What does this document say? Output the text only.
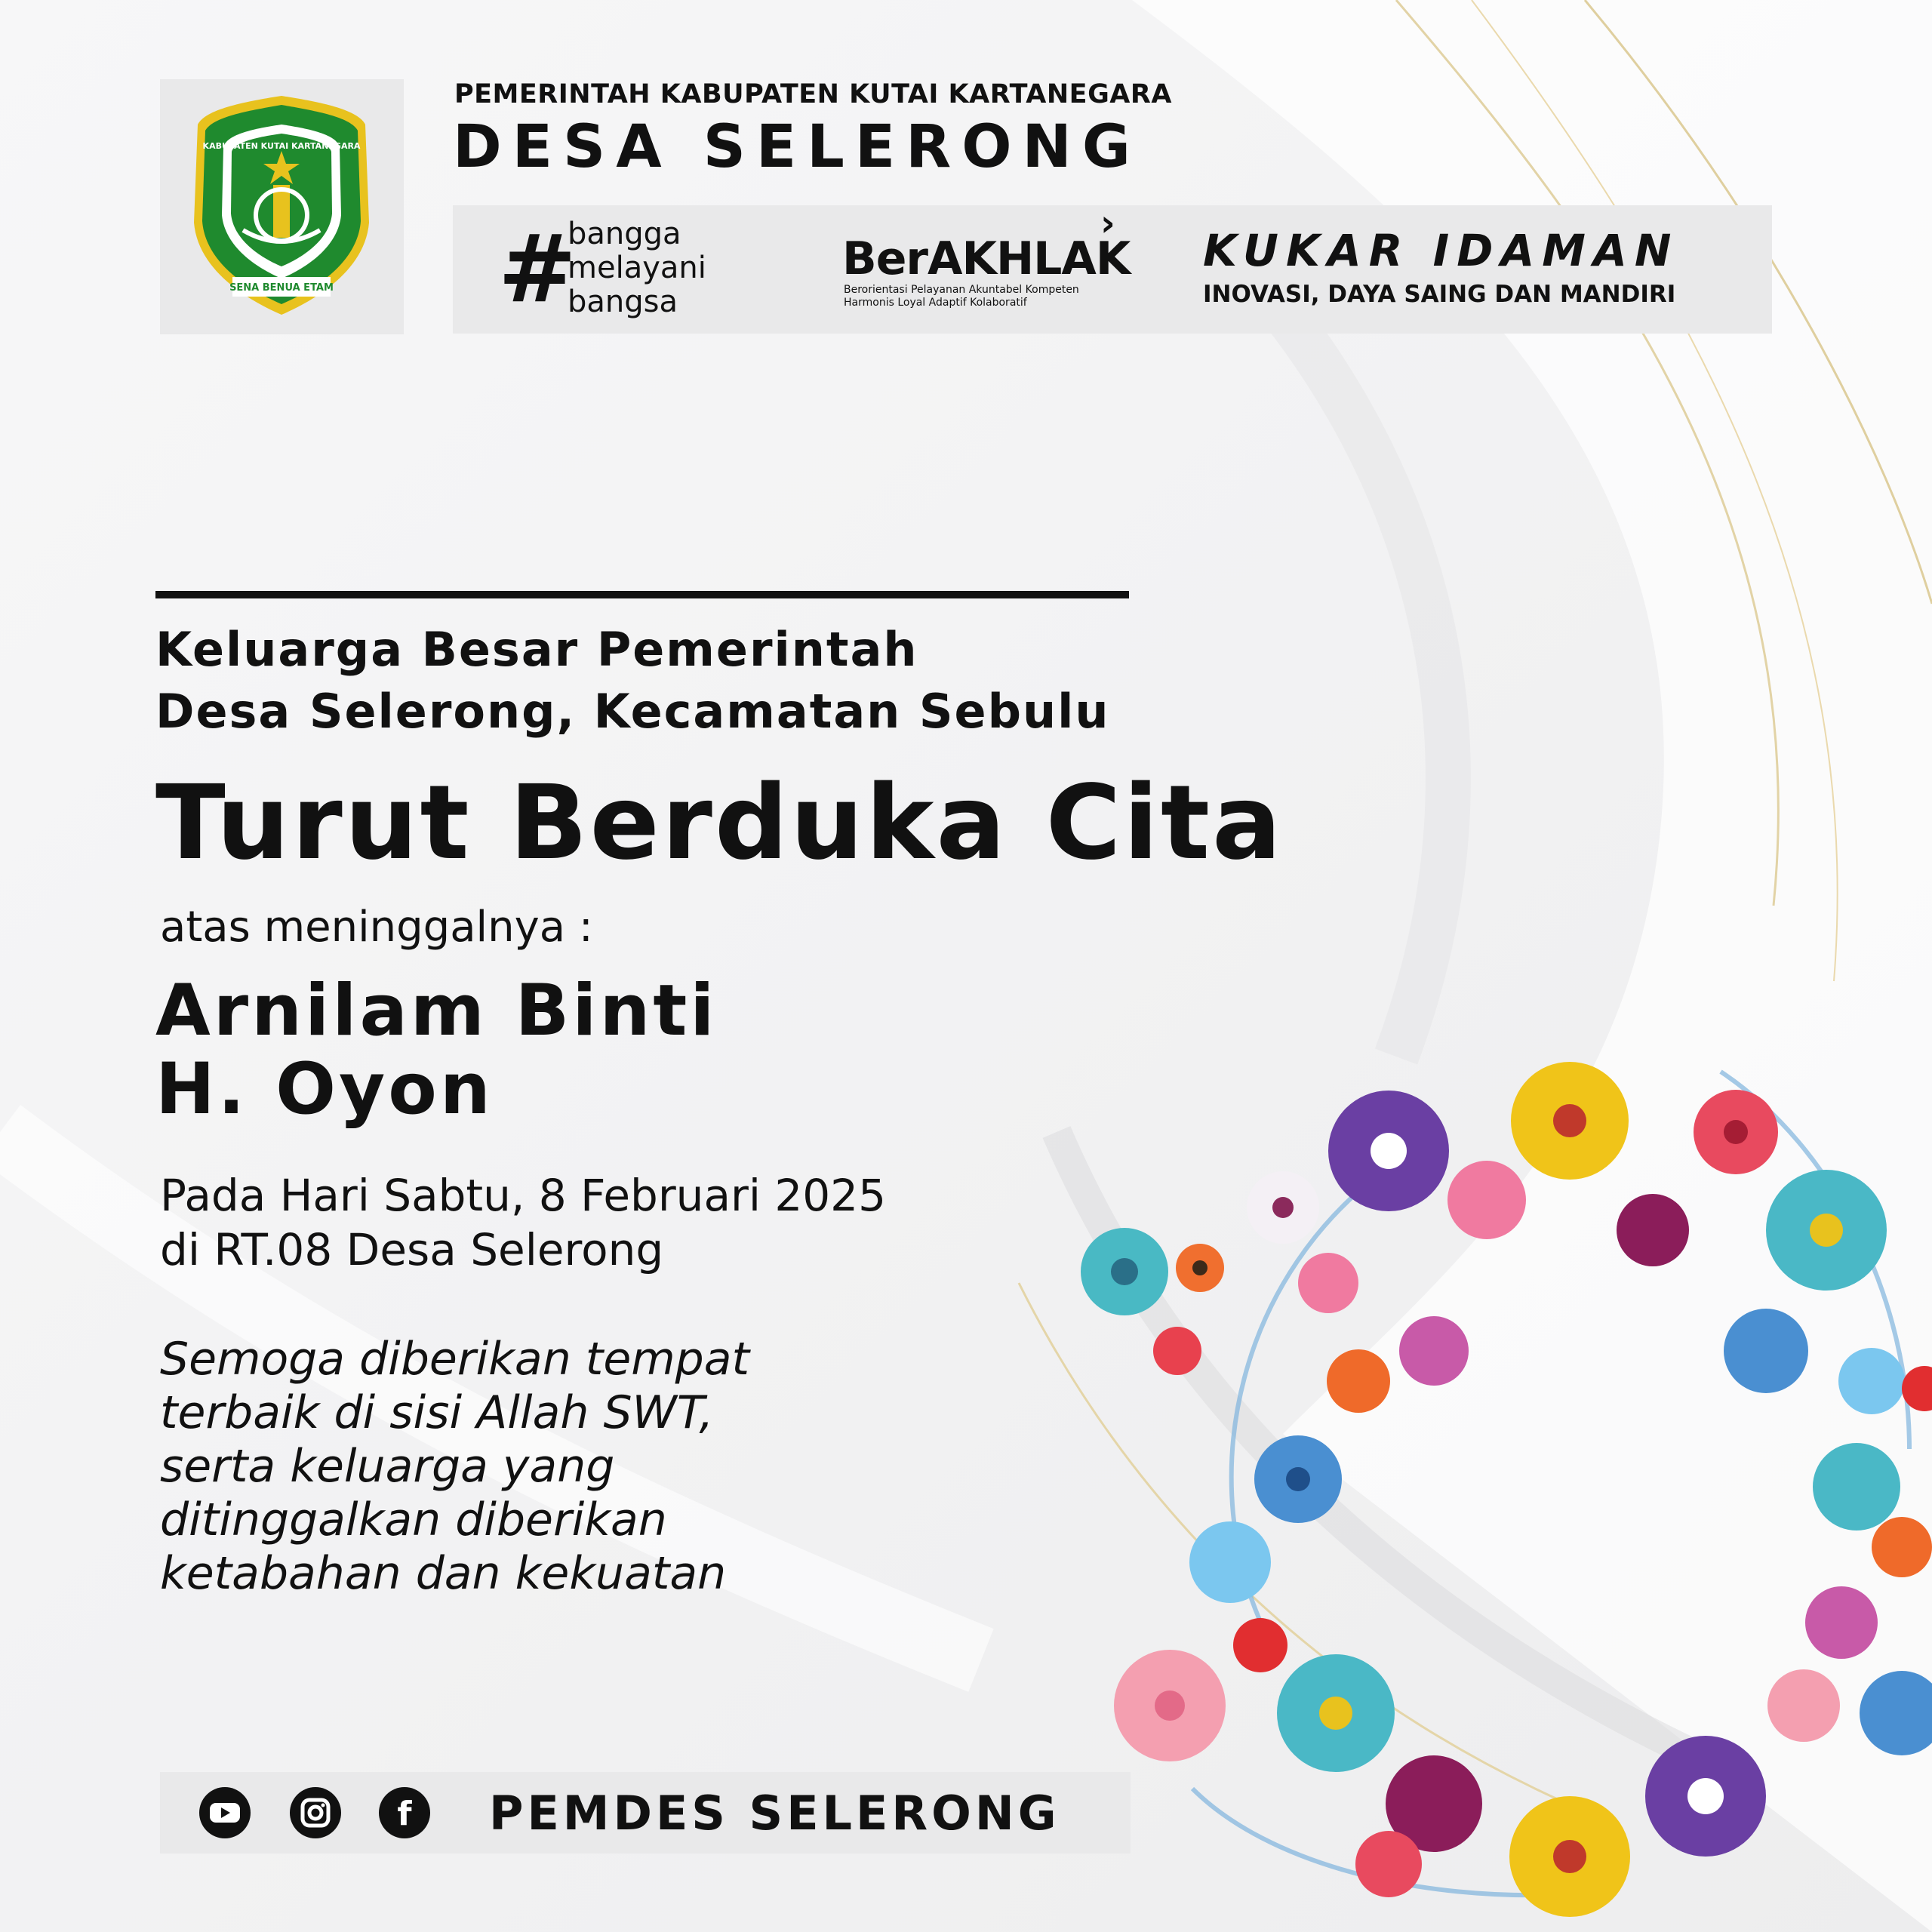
SENA BENUA ETAM
KABUPATEN KUTAI KARTANEGARA
PEMERINTAH KABUPATEN KUTAI KARTANEGARA
DESA SELERONG
#
bangga
melayani
bangsa
BerAKHLAK
›
Berorientasi Pelayanan Akuntabel Kompeten
Harmonis Loyal Adaptif Kolaboratif
KUKAR IDAMAN
INOVASI, DAYA SAING DAN MANDIRI
Keluarga Besar Pemerintah
Desa Selerong, Kecamatan Sebulu
Turut Berduka Cita
atas meninggalnya :
Arnilam Binti
H. Oyon
Pada Hari Sabtu, 8 Februari 2025
di RT.08 Desa Selerong
Semoga diberikan tempat
terbaik di sisi Allah SWT,
serta keluarga yang
ditinggalkan diberikan
ketabahan dan kekuatan
f PEMDES SELERONG
